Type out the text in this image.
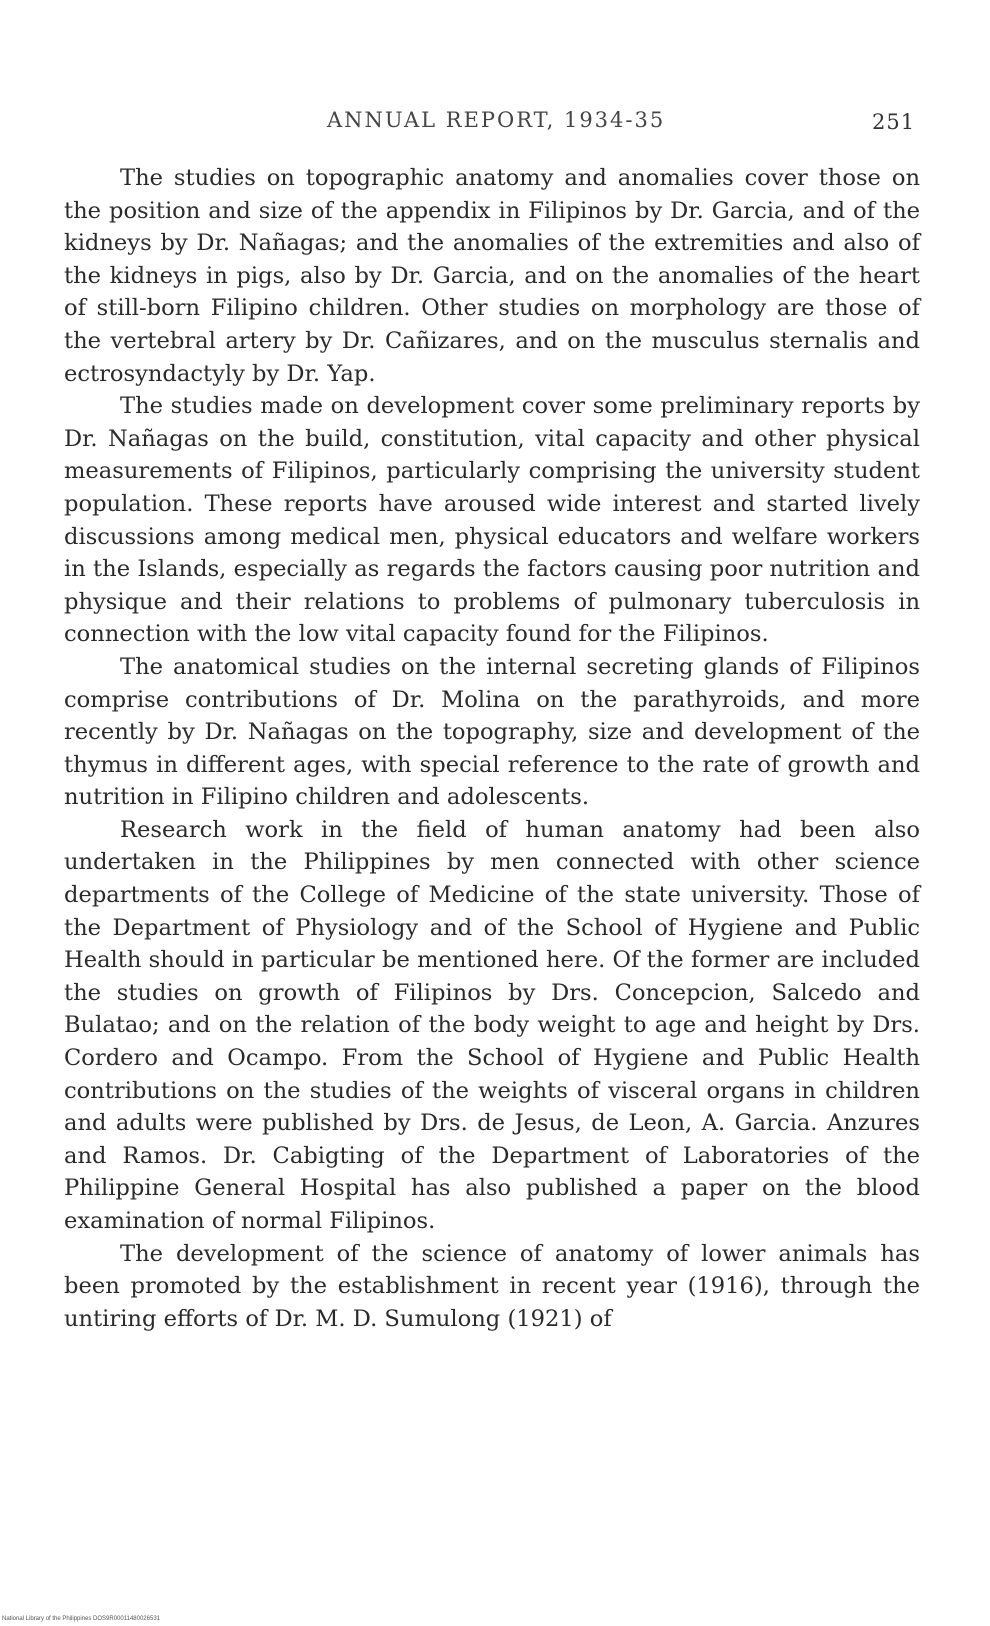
ANNUAL REPORT, 1934-35	251

The studies on topographic anatomy and anomalies cover those on the position and size of the appendix in Filipinos by Dr. Garcia, and of the kidneys by Dr. Nañagas; and the anomalies of the extremities and also of the kidneys in pigs, also by Dr. Garcia, and on the anomalies of the heart of still-born Filipino children. Other studies on morphology are those of the vertebral artery by Dr. Cañizares, and on the musculus sternalis and ectrosyndactyly by Dr. Yap.

The studies made on development cover some preliminary reports by Dr. Nañagas on the build, constitution, vital capacity and other physical measurements of Filipinos, particularly comprising the university student population. These reports have aroused wide interest and started lively discussions among medical men, physical educators and welfare workers in the Islands, especially as regards the factors causing poor nutrition and physique and their relations to problems of pulmonary tuberculosis in connection with the low vital capacity found for the Filipinos.

The anatomical studies on the internal secreting glands of Filipinos comprise contributions of Dr. Molina on the parathyroids, and more recently by Dr. Nañagas on the topography, size and development of the thymus in different ages, with special reference to the rate of growth and nutrition in Filipino children and adolescents.

Research work in the field of human anatomy had been also undertaken in the Philippines by men connected with other science departments of the College of Medicine of the state university. Those of the Department of Physiology and of the School of Hygiene and Public Health should in particular be mentioned here. Of the former are included the studies on growth of Filipinos by Drs. Concepcion, Salcedo and Bulatao; and on the relation of the body weight to age and height by Drs. Cordero and Ocampo. From the School of Hygiene and Public Health contributions on the studies of the weights of visceral organs in children and adults were published by Drs. de Jesus, de Leon, A. Garcia. Anzures and Ramos. Dr. Cabigting of the Department of Laboratories of the Philippine General Hospital has also published a paper on the blood examination of normal Filipinos.

The development of the science of anatomy of lower animals has been promoted by the establishment in recent year (1916), through the untiring efforts of Dr. M. D. Sumulong (1921) of

National Library of the Philippines DOS9R00011480026531
